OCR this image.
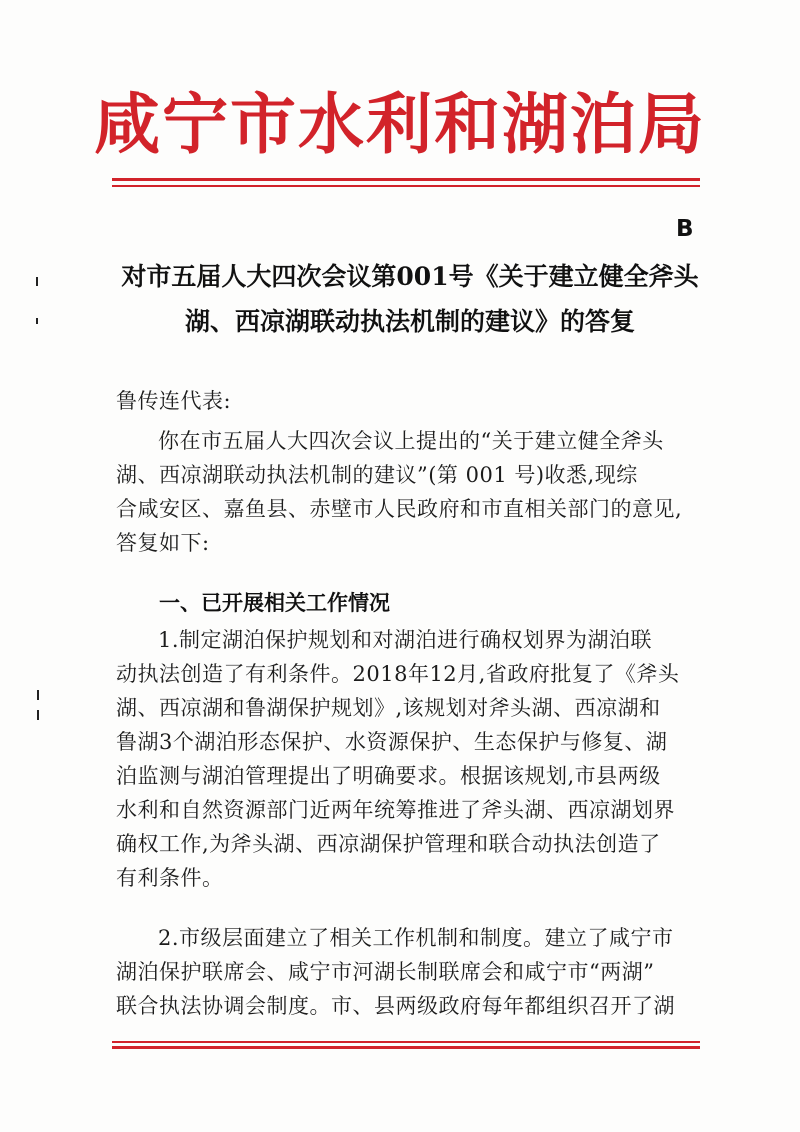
咸宁市水利和湖泊局
B
对市五届人大四次会议第001号《关于建立健全斧头
湖、西凉湖联动执法机制的建议》的答复
鲁传连代表:
你在市五届人大四次会议上提出的“关于建立健全斧头
湖、西凉湖联动执法机制的建议”(第 001 号)收悉,现综
合咸安区、嘉鱼县、赤壁市人民政府和市直相关部门的意见,
答复如下:
一、已开展相关工作情况
1.制定湖泊保护规划和对湖泊进行确权划界为湖泊联
动执法创造了有利条件。2018年12月,省政府批复了《斧头
湖、西凉湖和鲁湖保护规划》,该规划对斧头湖、西凉湖和
鲁湖3个湖泊形态保护、水资源保护、生态保护与修复、湖
泊监测与湖泊管理提出了明确要求。根据该规划,市县两级
水利和自然资源部门近两年统筹推进了斧头湖、西凉湖划界
确权工作,为斧头湖、西凉湖保护管理和联合动执法创造了
有利条件。
2.市级层面建立了相关工作机制和制度。建立了咸宁市
湖泊保护联席会、咸宁市河湖长制联席会和咸宁市“两湖”
联合执法协调会制度。市、县两级政府每年都组织召开了湖
